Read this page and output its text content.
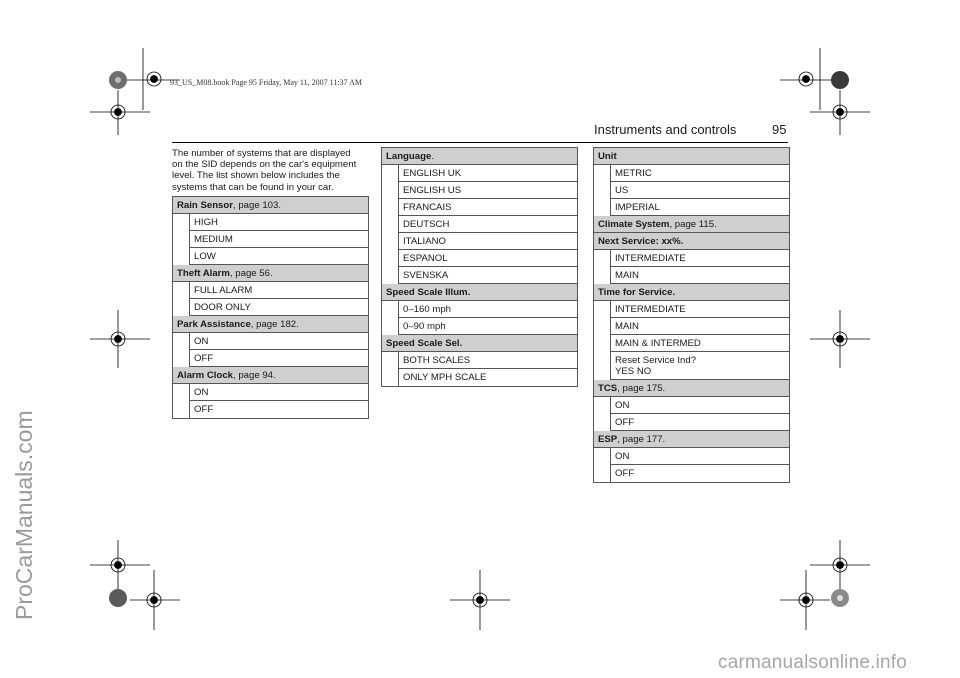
ProCarManuals.com
93_US_M08.book Page 95 Friday, May 11, 2007 11:37 AM
Instruments and controls	95
The number of systems that are displayed
on the SID depends on the car's equipment
level. The list shown below includes the
systems that can be found in your car.
Rain Sensor, page 103.
HIGH
MEDIUM
LOW
Theft Alarm, page 56.
FULL ALARM
DOOR ONLY
Park Assistance, page 182.
ON
OFF
Alarm Clock, page 94.
ON
OFF
Language.
ENGLISH UK
ENGLISH US
FRANCAIS
DEUTSCH
ITALIANO
ESPANOL
SVENSKA
Speed Scale Illum.
0–160 mph
0–90 mph
Speed Scale Sel.
BOTH SCALES
ONLY MPH SCALE
Unit
METRIC
US
IMPERIAL
Climate System, page 115.
Next Service: xx%.
INTERMEDIATE
MAIN
Time for Service.
INTERMEDIATE
MAIN
MAIN & INTERMED
Reset Service Ind?
YES NO
TCS, page 175.
ON
OFF
ESP, page 177.
ON
OFF
carmanualsonline.info
